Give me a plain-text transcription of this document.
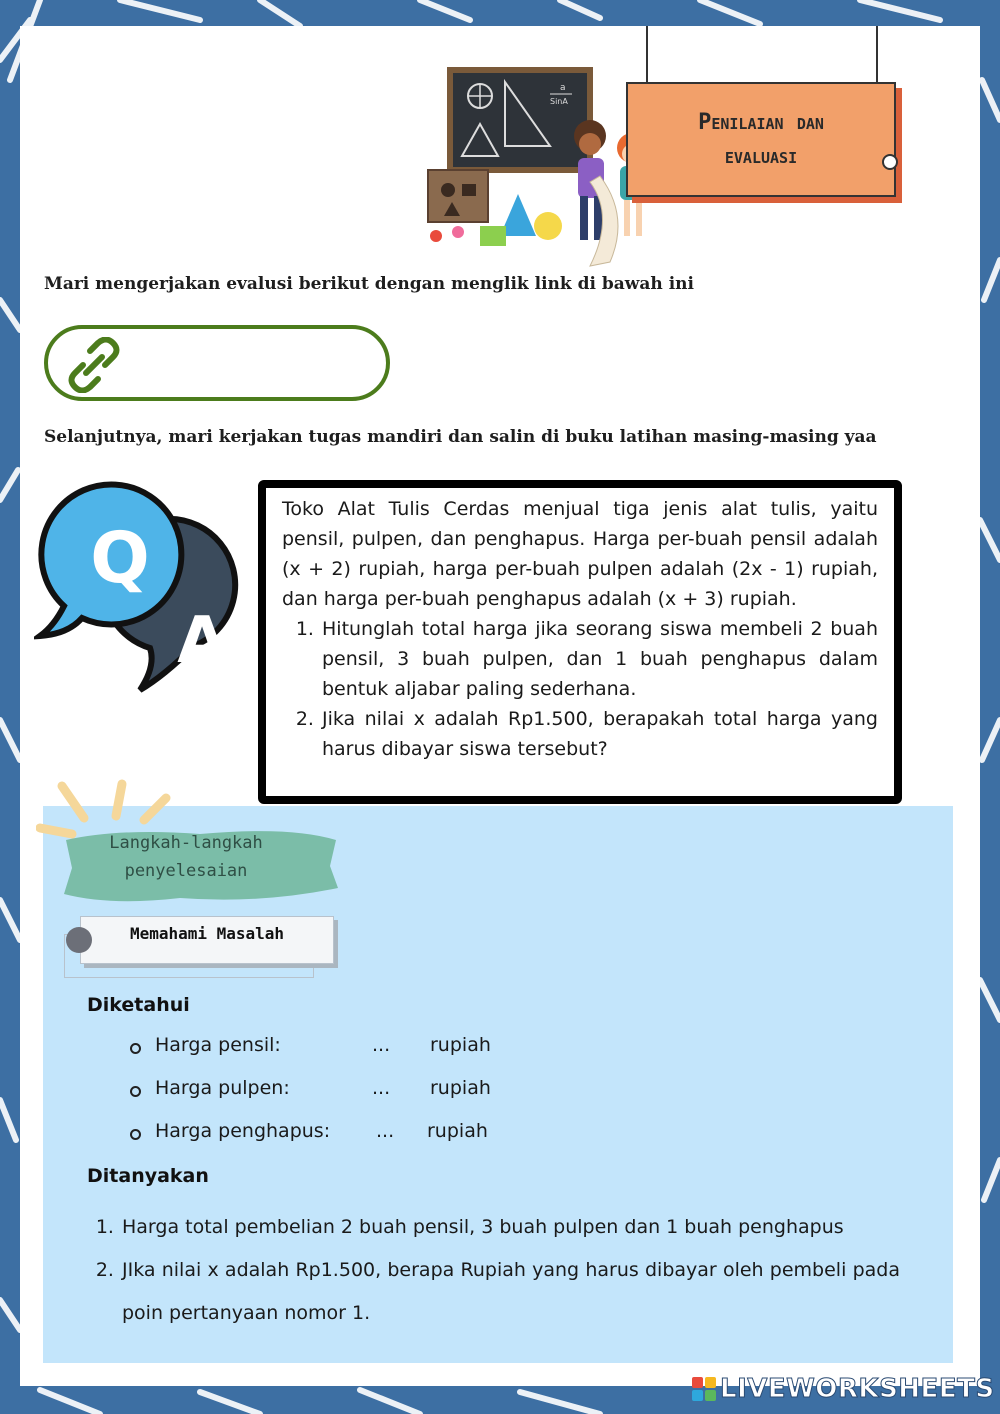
a
SinA
Penilaian dan
evaluasi
Mari mengerjakan evalusi berikut dengan menglik link di bawah ini
Selanjutnya, mari kerjakan tugas mandiri dan salin di buku latihan masing-masing yaa
A
Q

Toko Alat Tulis Cerdas menjual tiga jenis alat tulis, yaitu pensil, pulpen, dan penghapus. Harga per-buah pensil adalah (x + 2) rupiah, harga per-buah pulpen adalah (2x - 1) rupiah, dan harga per-buah penghapus adalah (x + 3) rupiah.

1. Hitunglah total harga jika seorang siswa membeli 2 buah pensil, 3 buah pulpen, dan 1 buah penghapus dalam bentuk aljabar paling sederhana.
2. Jika nilai x adalah Rp1.500, berapakah total harga yang harus dibayar siswa tersebut?
Langkah-langkah penyelesaian
Memahami Masalah
Diketahui
Harga pensil:	... rupiah
Harga pulpen:	... rupiah
Harga penghapus: ... rupiah
Ditanyakan
1. Harga total pembelian 2 buah pensil, 3 buah pulpen dan 1 buah penghapus
2. JIka nilai x adalah Rp1.500, berapa Rupiah yang harus dibayar oleh pembeli pada poin pertanyaan nomor 1.
LIVEWORKSHEETS
